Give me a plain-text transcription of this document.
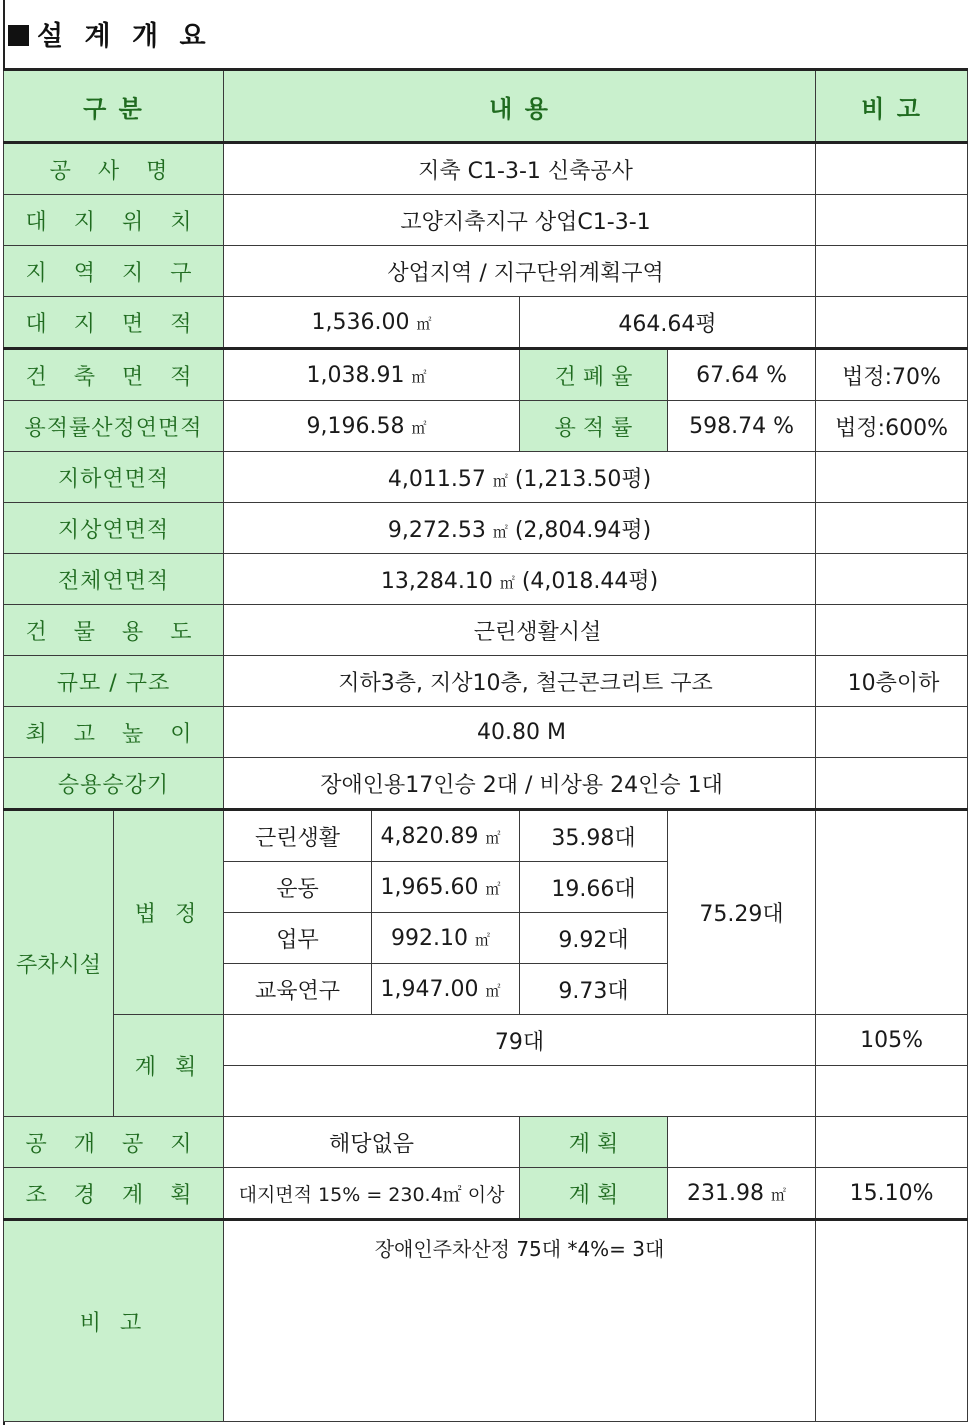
설 계 개 요
구 분		내 용				비 고
공 사 명		지축 C1-3-1 신축공사				
대 지 위 치		고양지축지구 상업C1-3-1				
지 역 지 구		상업지역 / 지구단위계획구역				
대 지 면 적		1,536.00 ㎡		464.64평		
건 축 면 적		1,038.91 ㎡		건 폐 율	67.64 %	법정:70%
용적률산정연면적		9,196.58 ㎡		용 적 률	598.74 %	법정:600%
지하연면적		4,011.57 ㎡ (1,213.50평)				
지상연면적		9,272.53 ㎡ (2,804.94평)				
전체연면적		13,284.10 ㎡ (4,018.44평)				
건 물 용 도		근린생활시설				
규모 / 구조		지하3층, 지상10층, 철근콘크리트 구조				10층이하
최 고 높 이		40.80 M				
승용승강기		장애인용17인승 2대 / 비상용 24인승 1대				
주차시설	법 정	근린생활	4,820.89 ㎡	35.98대	75.29대	
		운동	1,965.60 ㎡	19.66대		
		업무	992.10 ㎡	9.92대		
		교육연구	1,947.00 ㎡	9.73대		
	계 획	79대				105%

공 개 공 지		해당없음		계 획		
조 경 계 획		대지면적 15% = 230.4㎡ 이상		계 획	231.98 ㎡	15.10%
비 고		장애인주차산정 75대 *4%= 3대				
